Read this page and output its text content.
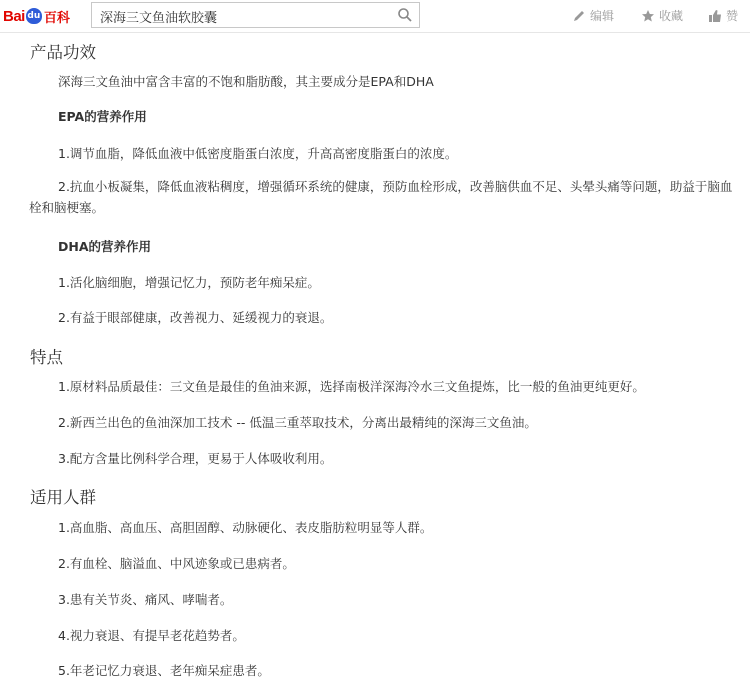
Bai du 百科
深海三文鱼油软胶囊	编辑	收藏	赞
产品功效
深海三文鱼油中富含丰富的不饱和脂肪酸，其主要成分是EPA和DHA
EPA的营养作用
1.调节血脂，降低血液中低密度脂蛋白浓度，升高高密度脂蛋白的浓度。
2.抗血小板凝集，降低血液粘稠度，增强循环系统的健康，预防血栓形成，改善脑供血不足、头晕头痛等问题，助益于脑血栓和脑梗塞。
DHA的营养作用
1.活化脑细胞，增强记忆力，预防老年痴呆症。
2.有益于眼部健康，改善视力、延缓视力的衰退。
特点
1.原材料品质最佳：三文鱼是最佳的鱼油来源，选择南极洋深海冷水三文鱼提炼，比一般的鱼油更纯更好。
2.新西兰出色的鱼油深加工技术 -- 低温三重萃取技术，分离出最精纯的深海三文鱼油。
3.配方含量比例科学合理，更易于人体吸收利用。
适用人群
1.高血脂、高血压、高胆固醇、动脉硬化、表皮脂肪粒明显等人群。
2.有血栓、脑溢血、中风迹象或已患病者。
3.患有关节炎、痛风、哮喘者。
4.视力衰退、有提早老花趋势者。
5.年老记忆力衰退、老年痴呆症患者。
